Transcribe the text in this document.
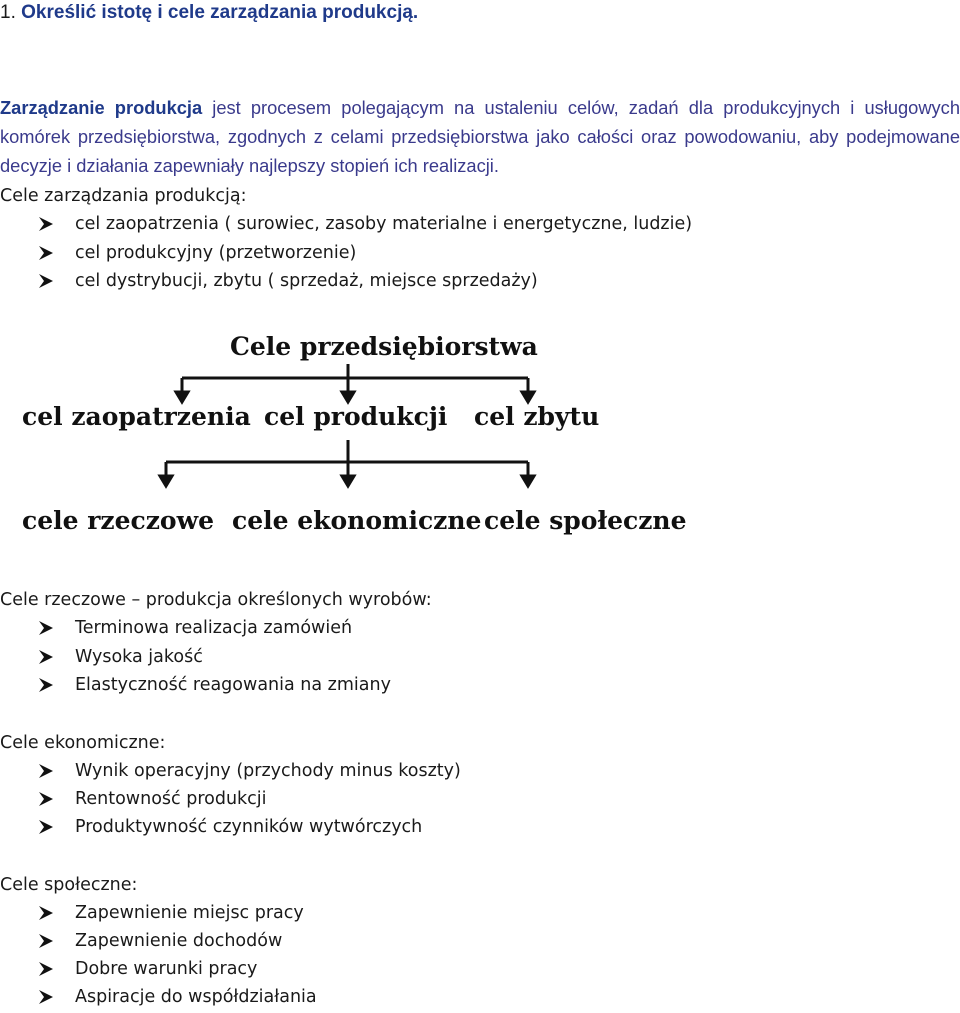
1. Określić istotę i cele zarządzania produkcją.
Zarządzanie produkcja jest procesem polegającym na ustaleniu celów, zadań dla produkcyjnych i usługowych komórek przedsiębiorstwa, zgodnych z celami przedsiębiorstwa jako całości oraz powodowaniu, aby podejmowane decyzje i działania zapewniały najlepszy stopień ich realizacji.
Cele zarządzania produkcją:
cel zaopatrzenia ( surowiec, zasoby materialne i energetyczne, ludzie)
cel produkcyjny (przetworzenie)
cel dystrybucji, zbytu ( sprzedaż, miejsce sprzedaży)
Cele przedsiębiorstwa
cel zaopatrzenia cel produkcji cel zbytu
cele rzeczowe cele ekonomiczne cele społeczne
Cele rzeczowe – produkcja określonych wyrobów:
Terminowa realizacja zamówień
Wysoka jakość
Elastyczność reagowania na zmiany
Cele ekonomiczne:
Wynik operacyjny (przychody minus koszty)
Rentowność produkcji
Produktywność czynników wytwórczych
Cele społeczne:
Zapewnienie miejsc pracy
Zapewnienie dochodów
Dobre warunki pracy
Aspiracje do współdziałania
